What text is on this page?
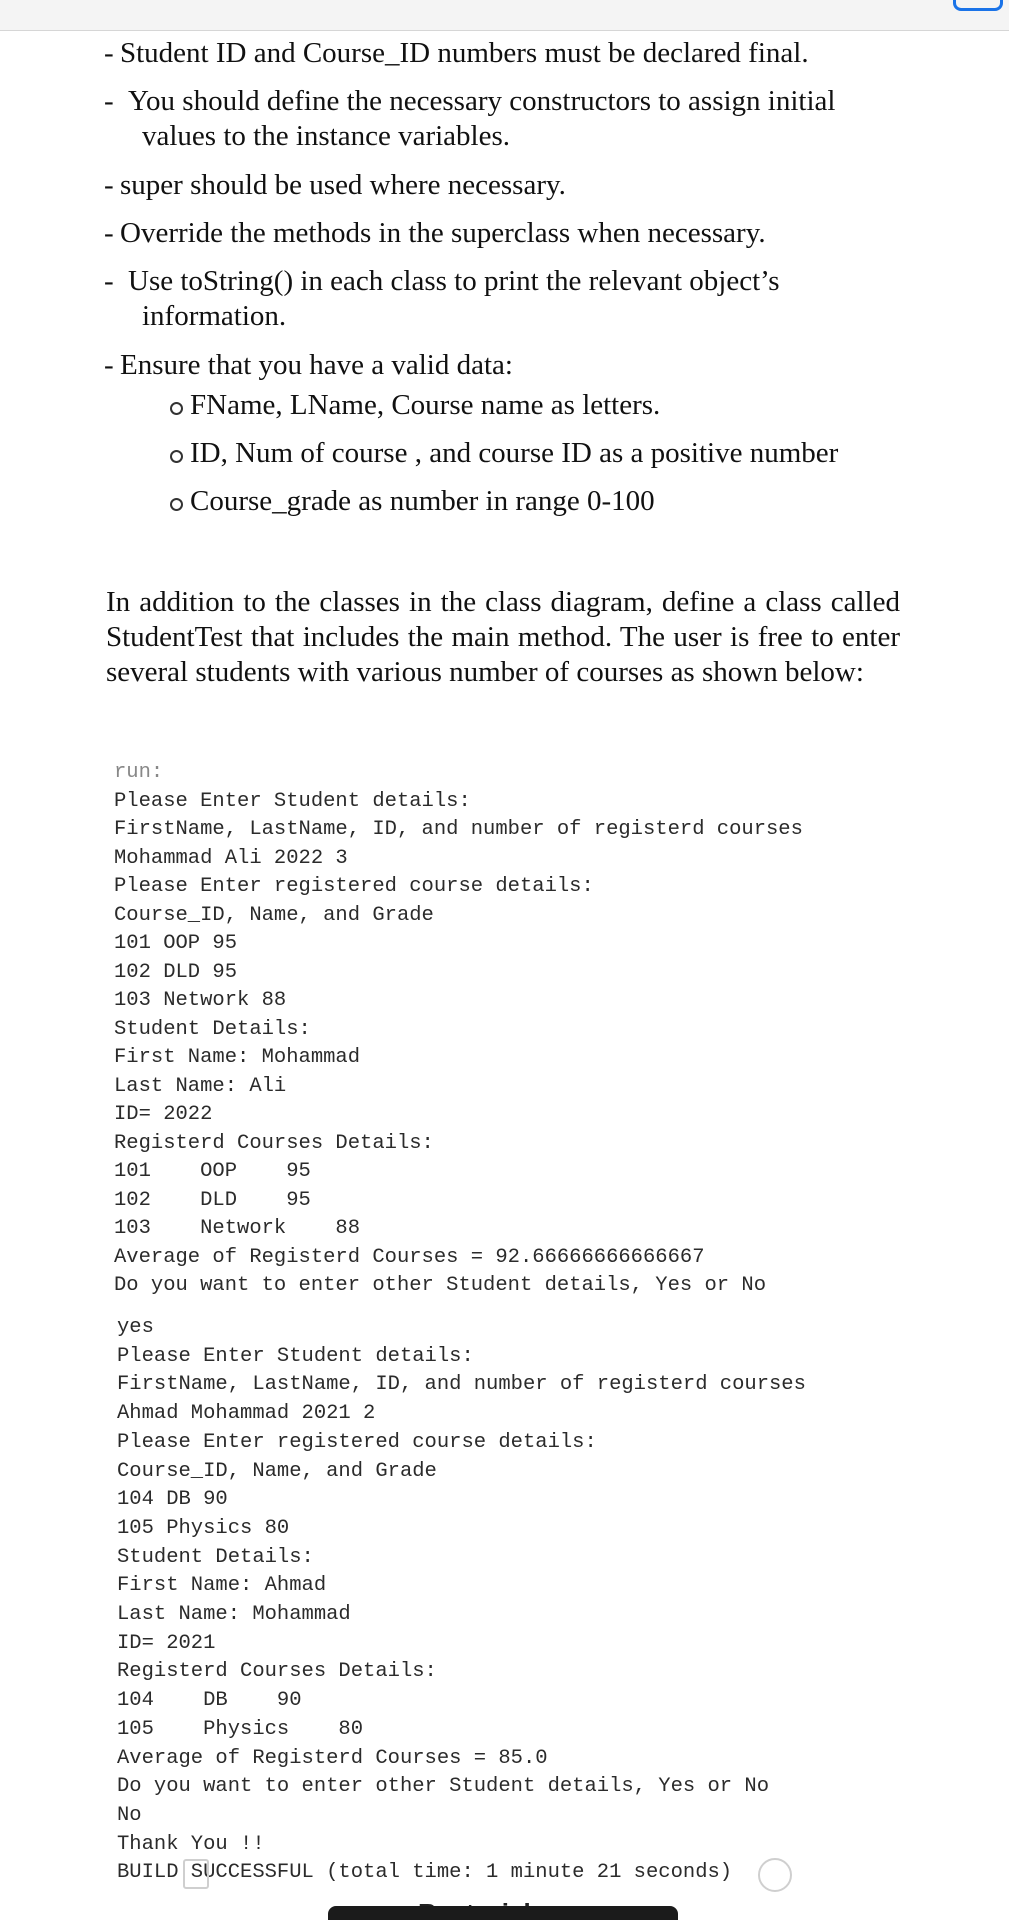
- Student ID and Course_ID numbers must be declared final.
- You should define the necessary constructors to assign initial
values to the instance variables.
- super should be used where necessary.
- Override the methods in the superclass when necessary.
- Use toString() in each class to print the relevant object’s
information.
- Ensure that you have a valid data:
FName, LName, Course name as letters.
ID, Num of course , and course ID as a positive number
Course_grade as number in range 0-100
In addition to the classes in the class diagram, define a class called StudentTest that includes the main method. The user is free to enter several students with various number of courses as shown below:
run:
Please Enter Student details:
FirstName, LastName, ID, and number of registerd courses
Mohammad Ali 2022 3
Please Enter registered course details:
Course_ID, Name, and Grade
101 OOP 95
102 DLD 95
103 Network 88
Student Details:
First Name: Mohammad
Last Name: Ali
ID= 2022
Registerd Courses Details:
101    OOP    95
102    DLD    95
103    Network    88
Average of Registerd Courses = 92.66666666666667
Do you want to enter other Student details, Yes or No
yes
Please Enter Student details:
FirstName, LastName, ID, and number of registerd courses
Ahmad Mohammad 2021 2
Please Enter registered course details:
Course_ID, Name, and Grade
104 DB 90
105 Physics 80
Student Details:
First Name: Ahmad
Last Name: Mohammad
ID= 2021
Registerd Courses Details:
104    DB    90
105    Physics    80
Average of Registerd Courses = 85.0
Do you want to enter other Student details, Yes or No
No
Thank You !!
BUILD SUCCESSFUL (total time: 1 minute 21 seconds)
